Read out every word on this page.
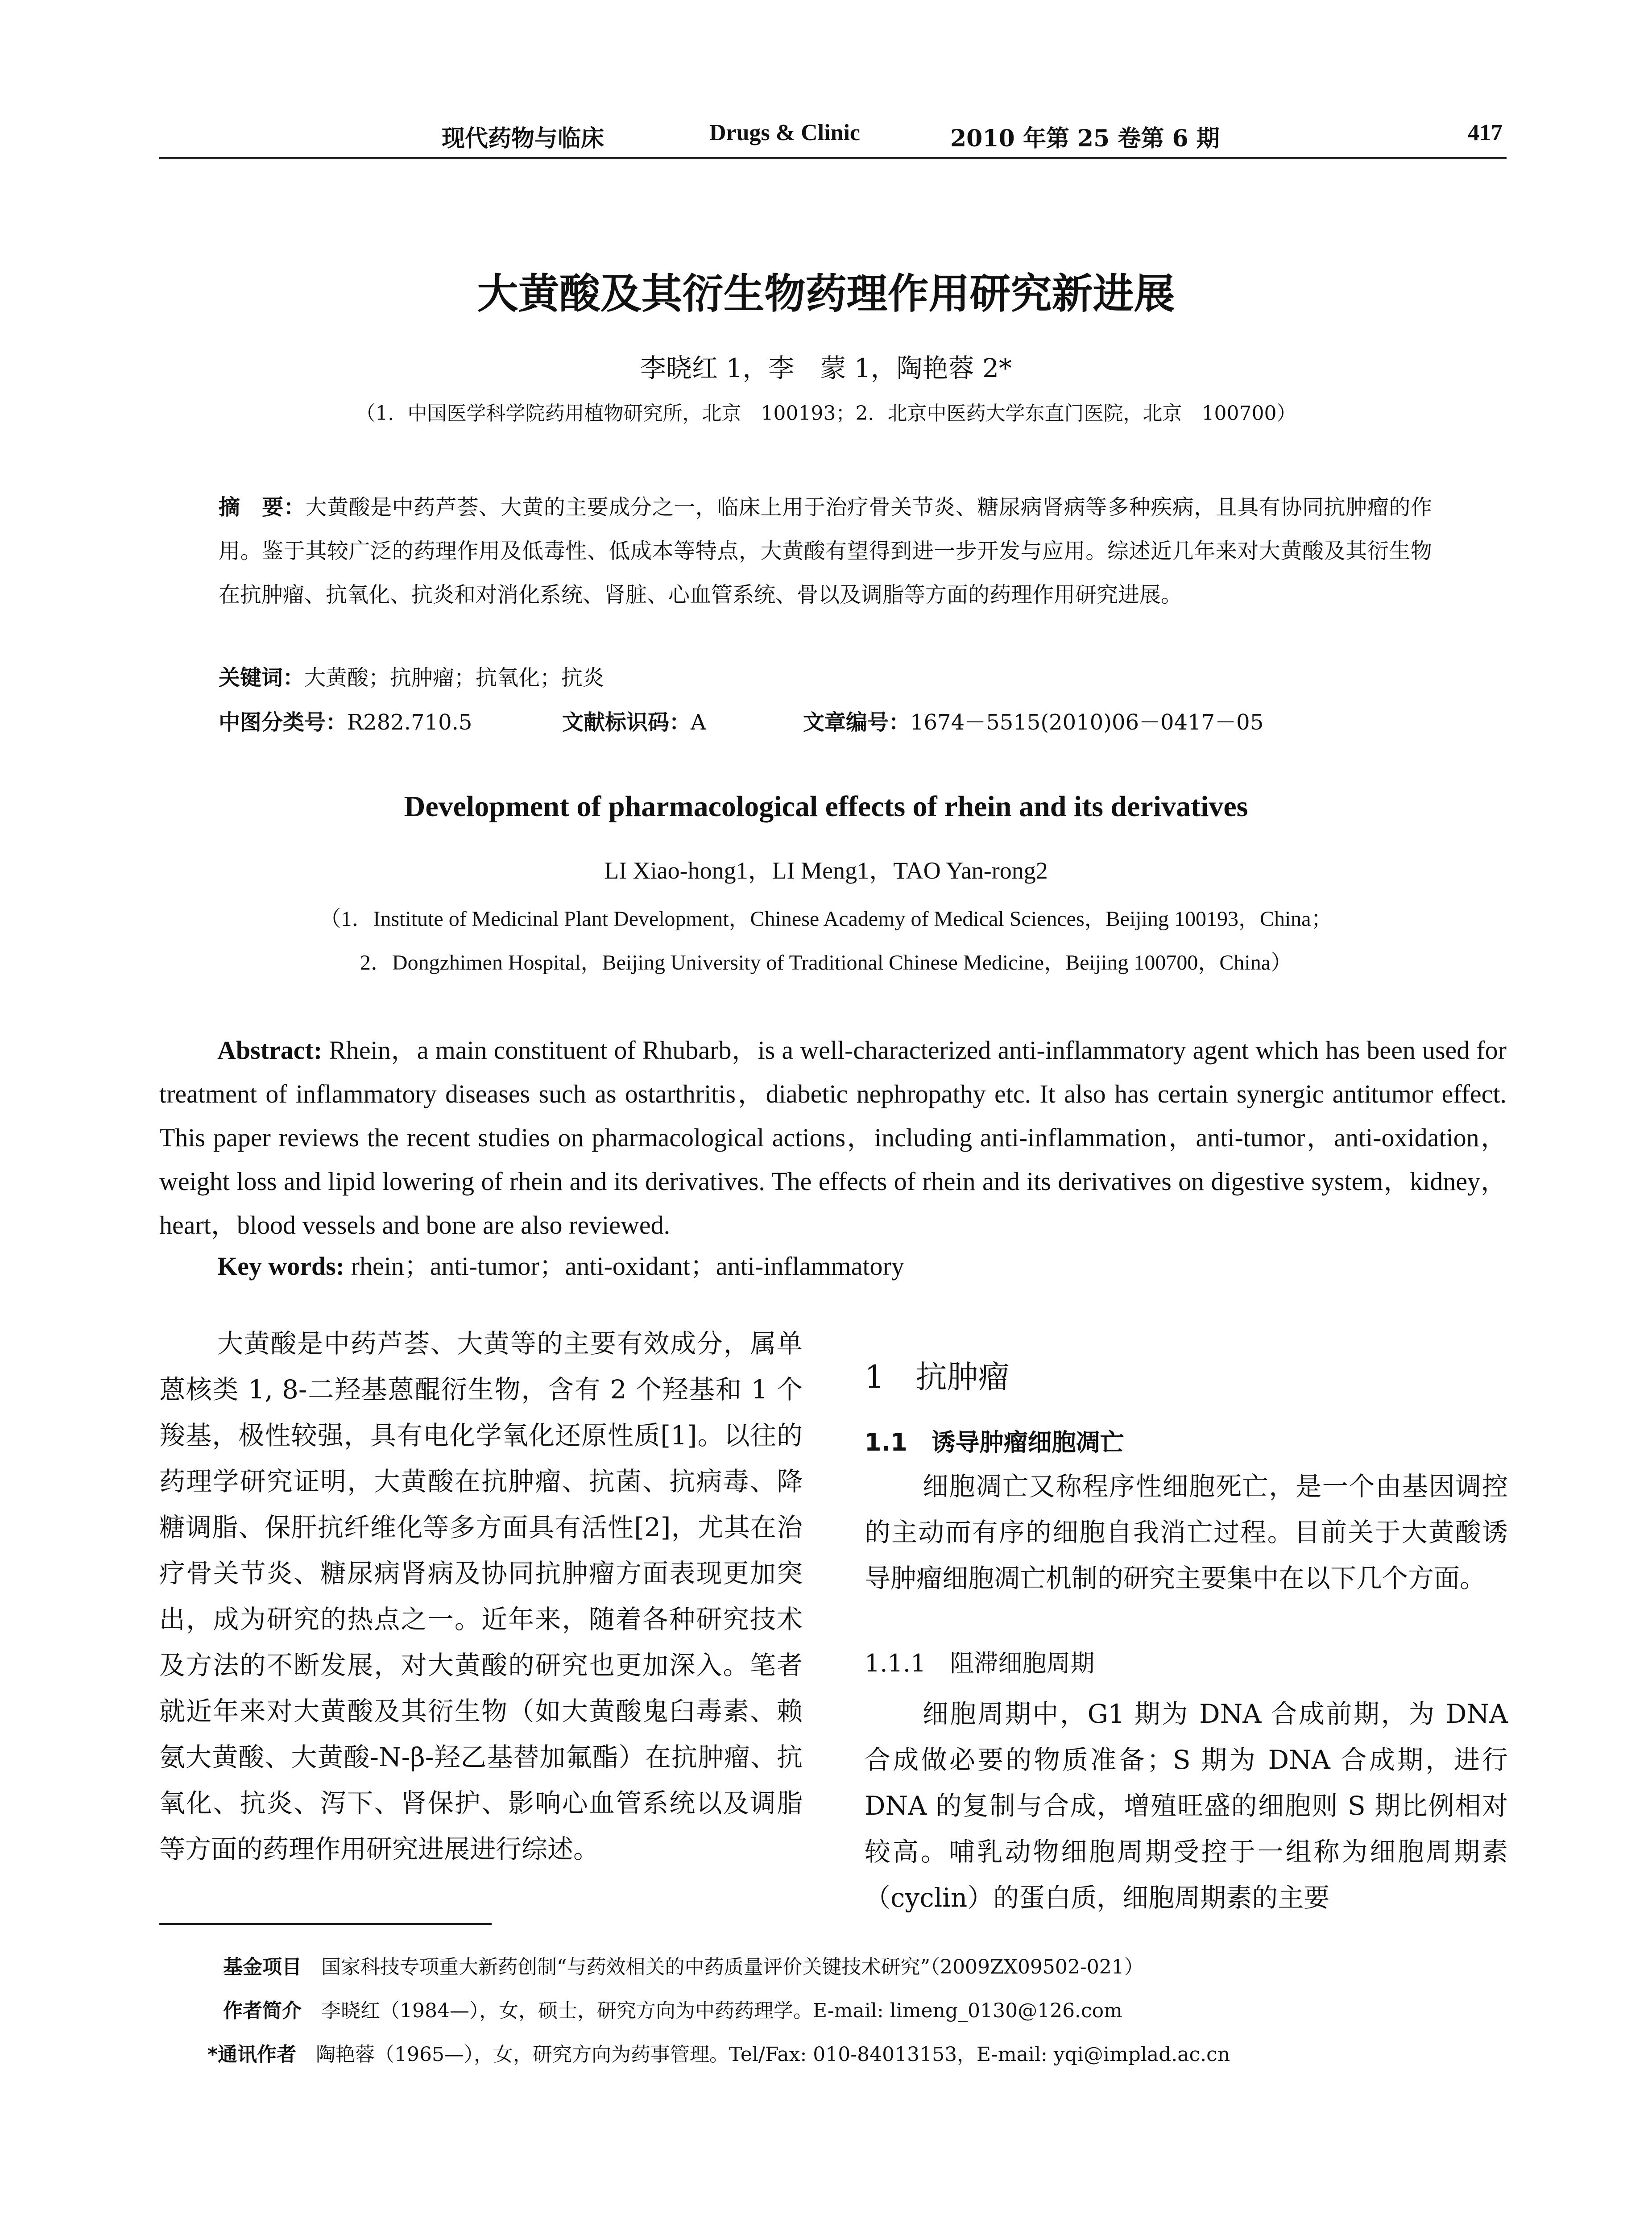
现代药物与临床	Drugs & Clinic	2010 年第 25 卷第 6 期	417
大黄酸及其衍生物药理作用研究新进展
李晓红 1，李　蒙 1，陶艳蓉 2*
（1．中国医学科学院药用植物研究所，北京　100193；2．北京中医药大学东直门医院，北京　100700）
摘　要：大黄酸是中药芦荟、大黄的主要成分之一，临床上用于治疗骨关节炎、糖尿病肾病等多种疾病，且具有协同抗肿瘤的作用。鉴于其较广泛的药理作用及低毒性、低成本等特点，大黄酸有望得到进一步开发与应用。综述近几年来对大黄酸及其衍生物在抗肿瘤、抗氧化、抗炎和对消化系统、肾脏、心血管系统、骨以及调脂等方面的药理作用研究进展。
关键词：大黄酸；抗肿瘤；抗氧化；抗炎
中图分类号：R282.710.5	文献标识码：A	文章编号：1674－5515(2010)06－0417－05
Development of pharmacological effects of rhein and its derivatives
LI Xiao-hong1，LI Meng1，TAO Yan-rong2
（1．Institute of Medicinal Plant Development，Chinese Academy of Medical Sciences，Beijing 100193，China；
2．Dongzhimen Hospital，Beijing University of Traditional Chinese Medicine，Beijing 100700，China）
Abstract: Rhein，a main constituent of Rhubarb，is a well-characterized anti-inflammatory agent which has been used for treatment of inflammatory diseases such as ostarthritis，diabetic nephropathy etc. It also has certain synergic antitumor effect. This paper reviews the recent studies on pharmacological actions，including anti-inflammation，anti-tumor，anti-oxidation，weight loss and lipid lowering of rhein and its derivatives. The effects of rhein and its derivatives on digestive system，kidney，heart，blood vessels and bone are also reviewed.
Key words: rhein；anti-tumor；anti-oxidant；anti-inflammatory
大黄酸是中药芦荟、大黄等的主要有效成分，属单蒽核类 1, 8-二羟基蒽醌衍生物，含有 2 个羟基和 1 个羧基，极性较强，具有电化学氧化还原性质[1]。以往的药理学研究证明，大黄酸在抗肿瘤、抗菌、抗病毒、降糖调脂、保肝抗纤维化等多方面具有活性[2]，尤其在治疗骨关节炎、糖尿病肾病及协同抗肿瘤方面表现更加突出，成为研究的热点之一。近年来，随着各种研究技术及方法的不断发展，对大黄酸的研究也更加深入。笔者就近年来对大黄酸及其衍生物（如大黄酸鬼臼毒素、赖氨大黄酸、大黄酸-N-β-羟乙基替加氟酯）在抗肿瘤、抗氧化、抗炎、泻下、肾保护、影响心血管系统以及调脂等方面的药理作用研究进展进行综述。
1　抗肿瘤
1.1　诱导肿瘤细胞凋亡
细胞凋亡又称程序性细胞死亡，是一个由基因调控的主动而有序的细胞自我消亡过程。目前关于大黄酸诱导肿瘤细胞凋亡机制的研究主要集中在以下几个方面。
1.1.1　阻滞细胞周期
细胞周期中，G1 期为 DNA 合成前期，为 DNA 合成做必要的物质准备；S 期为 DNA 合成期，进行 DNA 的复制与合成，增殖旺盛的细胞则 S 期比例相对较高。哺乳动物细胞周期受控于一组称为细胞周期素（cyclin）的蛋白质，细胞周期素的主要
基金项目　 国家科技专项重大新药创制“与药效相关的中药质量评价关键技术研究”（2009ZX09502-021）
作者简介　 李晓红（1984—），女，硕士，研究方向为中药药理学。E-mail: limeng_0130@126.com
*通讯作者　 陶艳蓉（1965—），女，研究方向为药事管理。Tel/Fax: 010-84013153，E-mail: yqi@implad.ac.cn
